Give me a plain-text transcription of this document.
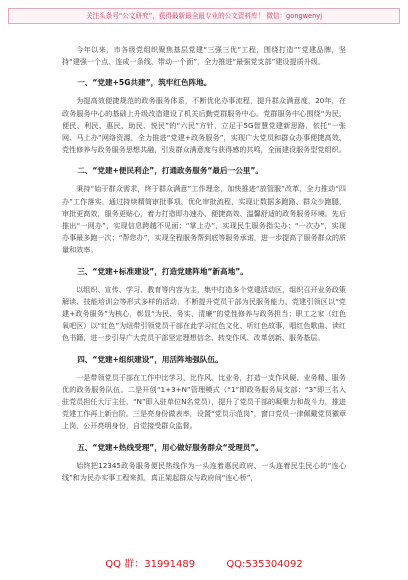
关注头条号“公文研究”，获得最新最全最专业的公文资料库！ 微信：gongwenyj

今年以来，市各级党组织聚焦基层党建“三强三优”工程，围绕打造“”党建品牌，坚持“建强一个点、连成一条线、带动一个面”，全力推进“最强党支部”建设提质升级。

一、“党建+5G共建”，筑牢红色阵地。

为提高效便捷规范的政务服务体系，不断优化办事流程，提升群众满意度，20年，在政务服务中心的基础上升级改造建设了机关后勤党群服务中心。党群服务中心围绕“为民、便民、利民、惠民、助民、悦民”的“六民”方针，立足于5G智慧党建新思路，依托“一张网、马上办”网络资源，全力推进“党建+政务服务”，实现广大党员和群众办事便捷高效、党性修养与政务服务思想共融，引发群众满意度与获得感的共鸣，全面建设服务型党组织。

二、“党建+便民利企”，打通政务服务“最后一公里”。

秉持“始于群众需求，终于群众满意”工作理念，加快推进“放管服”改革，全力推动“四办”工作落实，通过持续精简审批事项，优化审批流程，实现让数据多跑路、群众少跑腿，审批更高效，服务更贴心，着力打造即办速办、便捷高效、温馨舒适的政务服务环境。先后推出“一网办”，实现信息跨越不见面；“掌上办”，实现民生服务指尖办；“一次办”，实现办事最多跑一次；“帮您办”，实现全程服务帮到底等服务承诺，进一步提高了服务群众的质量和效率。

三、“党建+标准建设”，打造党建阵地“新高地”。

以组织、宣传、学习、教育等内容为主，集中打造多个党建活动区，组织召开业务政策解读、技能培训会等形式多样的活动，不断提升党员干部为民服务能力。党建引领区以“党建+政务服务”为核心，彰显“为民、务实、清廉”的党性修养与政务担当；职工之家（红色氧吧区）以“红色”为纽带引领党员干部在此学习红色文化、听红色故事，唱红色歌曲、读红色书籍，进一步引导广大党员干部坚定理想信念、转变作风、改革创新、服务基层。

四、“党建+组织建设”，用活阵地强队伍。

一是带领党员干部在工作中比学习、比作风、比业务，打造一支作风硬、业务精、服务优的政务服务队伍。二是开创“1+3+N”管理模式（“1”即政务服务局支部；“3”即三名入驻党员担任大厅主任，“N”即入驻单位N名党员），提升了党员干部的凝聚力和战斗力，推进党建工作再上新台阶。三是亮身份做表率，设置“党员示范岗”，窗口党员一律佩戴党员徽章上岗，公开亮明身份，自觉接受群众监督。

五、“党建+热线受理”，用心做好服务群众“受理员”。

始终把12345政务服务便民热线作为一头连着惠民政府、一头连着民生民心的“连心线”和为民办实事工程来抓，真正架起群众与政府间“连心桥”，

QQ 群：31991489	QQ:535304092
